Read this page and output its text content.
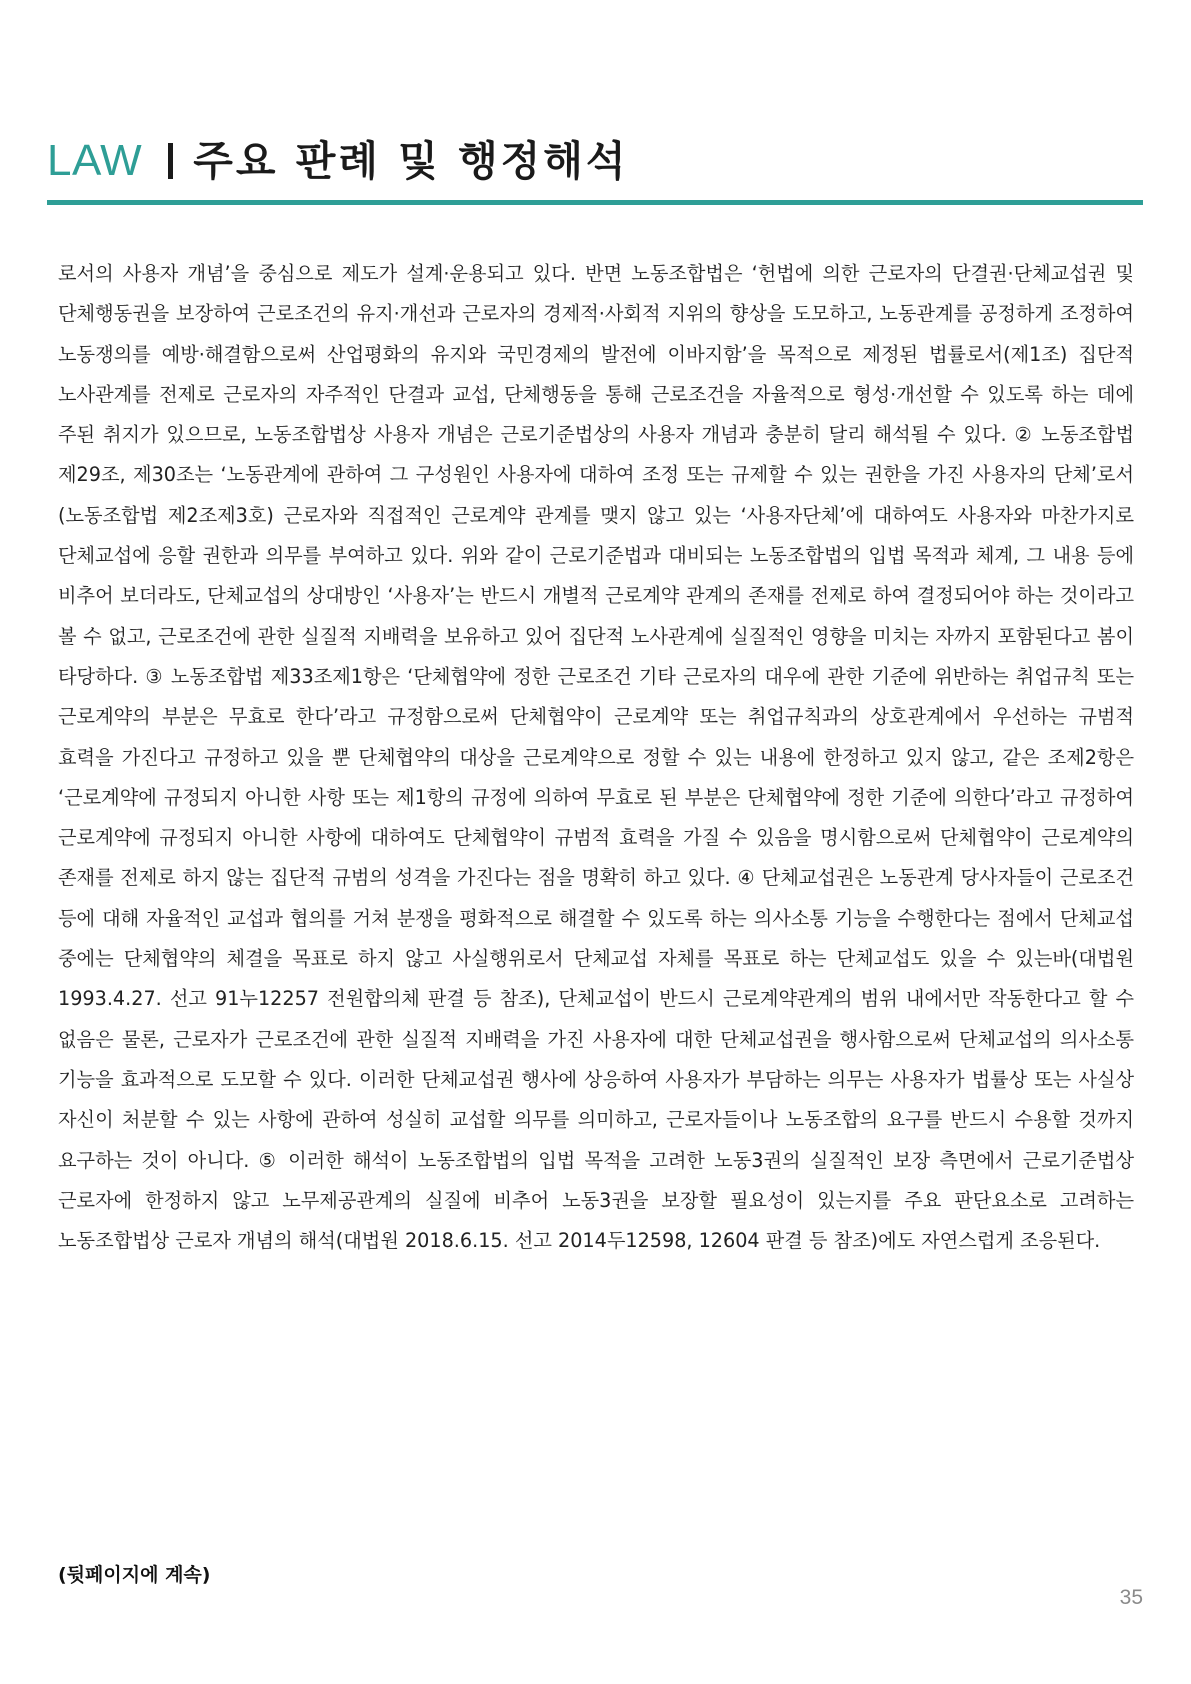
LAW 주요 판례 및 행정해석

로서의 사용자 개념’을 중심으로 제도가 설계·운용되고 있다. 반면 노동조합법은 ‘헌법에 의한 근로자의 단결권·단체교섭권 및 단체행동권을 보장하여 근로조건의 유지·개선과 근로자의 경제적·사회적 지위의 향상을 도모하고, 노동관계를 공정하게 조정하여 노동쟁의를 예방·해결함으로써 산업평화의 유지와 국민경제의 발전에 이바지함’을 목적으로 제정된 법률로서(제1조) 집단적 노사관계를 전제로 근로자의 자주적인 단결과 교섭, 단체행동을 통해 근로조건을 자율적으로 형성·개선할 수 있도록 하는 데에 주된 취지가 있으므로, 노동조합법상 사용자 개념은 근로기준법상의 사용자 개념과 충분히 달리 해석될 수 있다. ② 노동조합법 제29조, 제30조는 ‘노동관계에 관하여 그 구성원인 사용자에 대하여 조정 또는 규제할 수 있는 권한을 가진 사용자의 단체’로서(노동조합법 제2조제3호) 근로자와 직접적인 근로계약 관계를 맺지 않고 있는 ‘사용자단체’에 대하여도 사용자와 마찬가지로 단체교섭에 응할 권한과 의무를 부여하고 있다. 위와 같이 근로기준법과 대비되는 노동조합법의 입법 목적과 체계, 그 내용 등에 비추어 보더라도, 단체교섭의 상대방인 ‘사용자’는 반드시 개별적 근로계약 관계의 존재를 전제로 하여 결정되어야 하는 것이라고 볼 수 없고, 근로조건에 관한 실질적 지배력을 보유하고 있어 집단적 노사관계에 실질적인 영향을 미치는 자까지 포함된다고 봄이 타당하다. ③ 노동조합법 제33조제1항은 ‘단체협약에 정한 근로조건 기타 근로자의 대우에 관한 기준에 위반하는 취업규칙 또는 근로계약의 부분은 무효로 한다’라고 규정함으로써 단체협약이 근로계약 또는 취업규칙과의 상호관계에서 우선하는 규범적 효력을 가진다고 규정하고 있을 뿐 단체협약의 대상을 근로계약으로 정할 수 있는 내용에 한정하고 있지 않고, 같은 조제2항은 ‘근로계약에 규정되지 아니한 사항 또는 제1항의 규정에 의하여 무효로 된 부분은 단체협약에 정한 기준에 의한다’라고 규정하여 근로계약에 규정되지 아니한 사항에 대하여도 단체협약이 규범적 효력을 가질 수 있음을 명시함으로써 단체협약이 근로계약의 존재를 전제로 하지 않는 집단적 규범의 성격을 가진다는 점을 명확히 하고 있다. ④ 단체교섭권은 노동관계 당사자들이 근로조건 등에 대해 자율적인 교섭과 협의를 거쳐 분쟁을 평화적으로 해결할 수 있도록 하는 의사소통 기능을 수행한다는 점에서 단체교섭 중에는 단체협약의 체결을 목표로 하지 않고 사실행위로서 단체교섭 자체를 목표로 하는 단체교섭도 있을 수 있는바(대법원 1993.4.27. 선고 91누12257 전원합의체 판결 등 참조), 단체교섭이 반드시 근로계약관계의 범위 내에서만 작동한다고 할 수 없음은 물론, 근로자가 근로조건에 관한 실질적 지배력을 가진 사용자에 대한 단체교섭권을 행사함으로써 단체교섭의 의사소통 기능을 효과적으로 도모할 수 있다. 이러한 단체교섭권 행사에 상응하여 사용자가 부담하는 의무는 사용자가 법률상 또는 사실상 자신이 처분할 수 있는 사항에 관하여 성실히 교섭할 의무를 의미하고, 근로자들이나 노동조합의 요구를 반드시 수용할 것까지 요구하는 것이 아니다. ⑤ 이러한 해석이 노동조합법의 입법 목적을 고려한 노동3권의 실질적인 보장 측면에서 근로기준법상 근로자에 한정하지 않고 노무제공관계의 실질에 비추어 노동3권을 보장할 필요성이 있는지를 주요 판단요소로 고려하는 노동조합법상 근로자 개념의 해석(대법원 2018.6.15. 선고 2014두12598, 12604 판결 등 참조)에도 자연스럽게 조응된다.

(뒷페이지에 계속)

35
